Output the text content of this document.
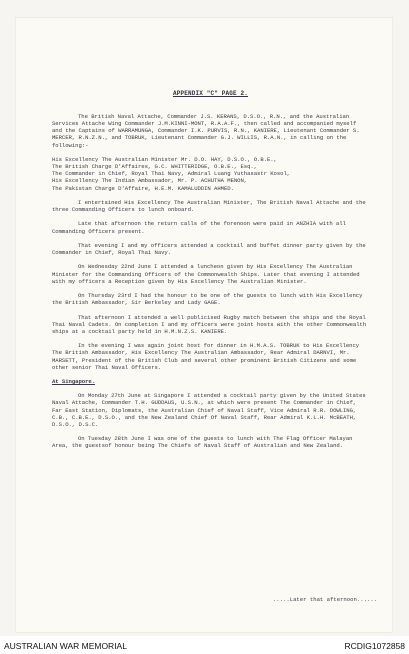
APPENDIX "C" PAGE 2.

The British Naval Attache, Commander J.S. KERANS, D.S.O., R.N., and the Australian Services Attache Wing Commander J.M.KINNI-MONT, R.A.A.F., then called and accompanied myself and the Captains of WARRAMUNGA, Commander I.K. PURVIS, R.N., KANIERE, Lieutenant Commander S. MERCER, R.N.Z.N., and TOBRUK, Lieutenant Commander G.J. WILLIS, R.A.N., in calling on the following:-

His Excellency The Australian Minister Mr. D.O. HAY, D.S.O., O.B.E.,
The British Charge D'Affaires, G.C. WHITTERIDGE, O.B.E., Esq.,
The Commander in Chief, Royal Thai Navy, Admiral Luang Yuthasastr Kosol,
His Excellency The Indian Ambassador, Mr. P. ACHUTHA MENON,
The Pakistan Charge D'Affaire, H.E.M. KAMALUDDIN AHMED.

I entertained His Excellency The Australian Minister, The British Naval Attache and the three Commanding Officers to lunch onboard.

Late that afternoon the return calls of the forenoon were paid in ANZHIA with all Commanding Officers present.

That evening I and my officers attended a cocktail and buffet dinner party given by the Commander in Chief, Royal Thai Navy.

On Wednesday 22nd June I attended a luncheon given by His Excellency The Australian Minister for the Commanding Officers of the Commonwealth Ships. Later that evening I attended with my officers a Reception given by His Excellency The Australian Minister.

On Thursday 23rd I had the honour to be one of the guests to lunch with His Excellency the British Ambassador, Sir Berkeley and Lady GAGE.

That afternoon I attended a well publicised Rugby match between the ships and the Royal Thai Naval Cadets. On completion I and my officers were joint hosts with the other Commonwealth ships at a cocktail party held in H.M.N.Z.S. KANIERE.

In the evening I was again joint host for dinner in H.M.A.S. TOBRUK to His Excellency The British Ambassador, His Excellency The Australian Ambassador, Rear Admiral DARNVI, Mr. MARSETT, President of the British Club and several other prominent British Citizens and some other senior Thai Naval Officers.

At Singapore.

On Monday 27th June at Singapore I attended a cocktail party given by the United States Naval Attache, Commander T.H. GUDDAUS, U.S.N., at which were present The Commander in Chief, Far East Station, Diplomats, the Australian Chief of Naval Staff, Vice Admiral R.R. DOWLING, C.B., C.B.E., D.S.O., and the New Zealand Chief Of Naval Staff, Rear Admiral K.L.H. McBEATH, D.S.O., D.S.C.

On Tuesday 28th June I was one of the guests to lunch with The Flag Officer Malayan Area, the guestsof honour being The Chiefs of Naval Staff of Australian and New Zealand.

.....Later that afternoon......
AUSTRALIAN WAR MEMORIAL	RCDIG1072858
